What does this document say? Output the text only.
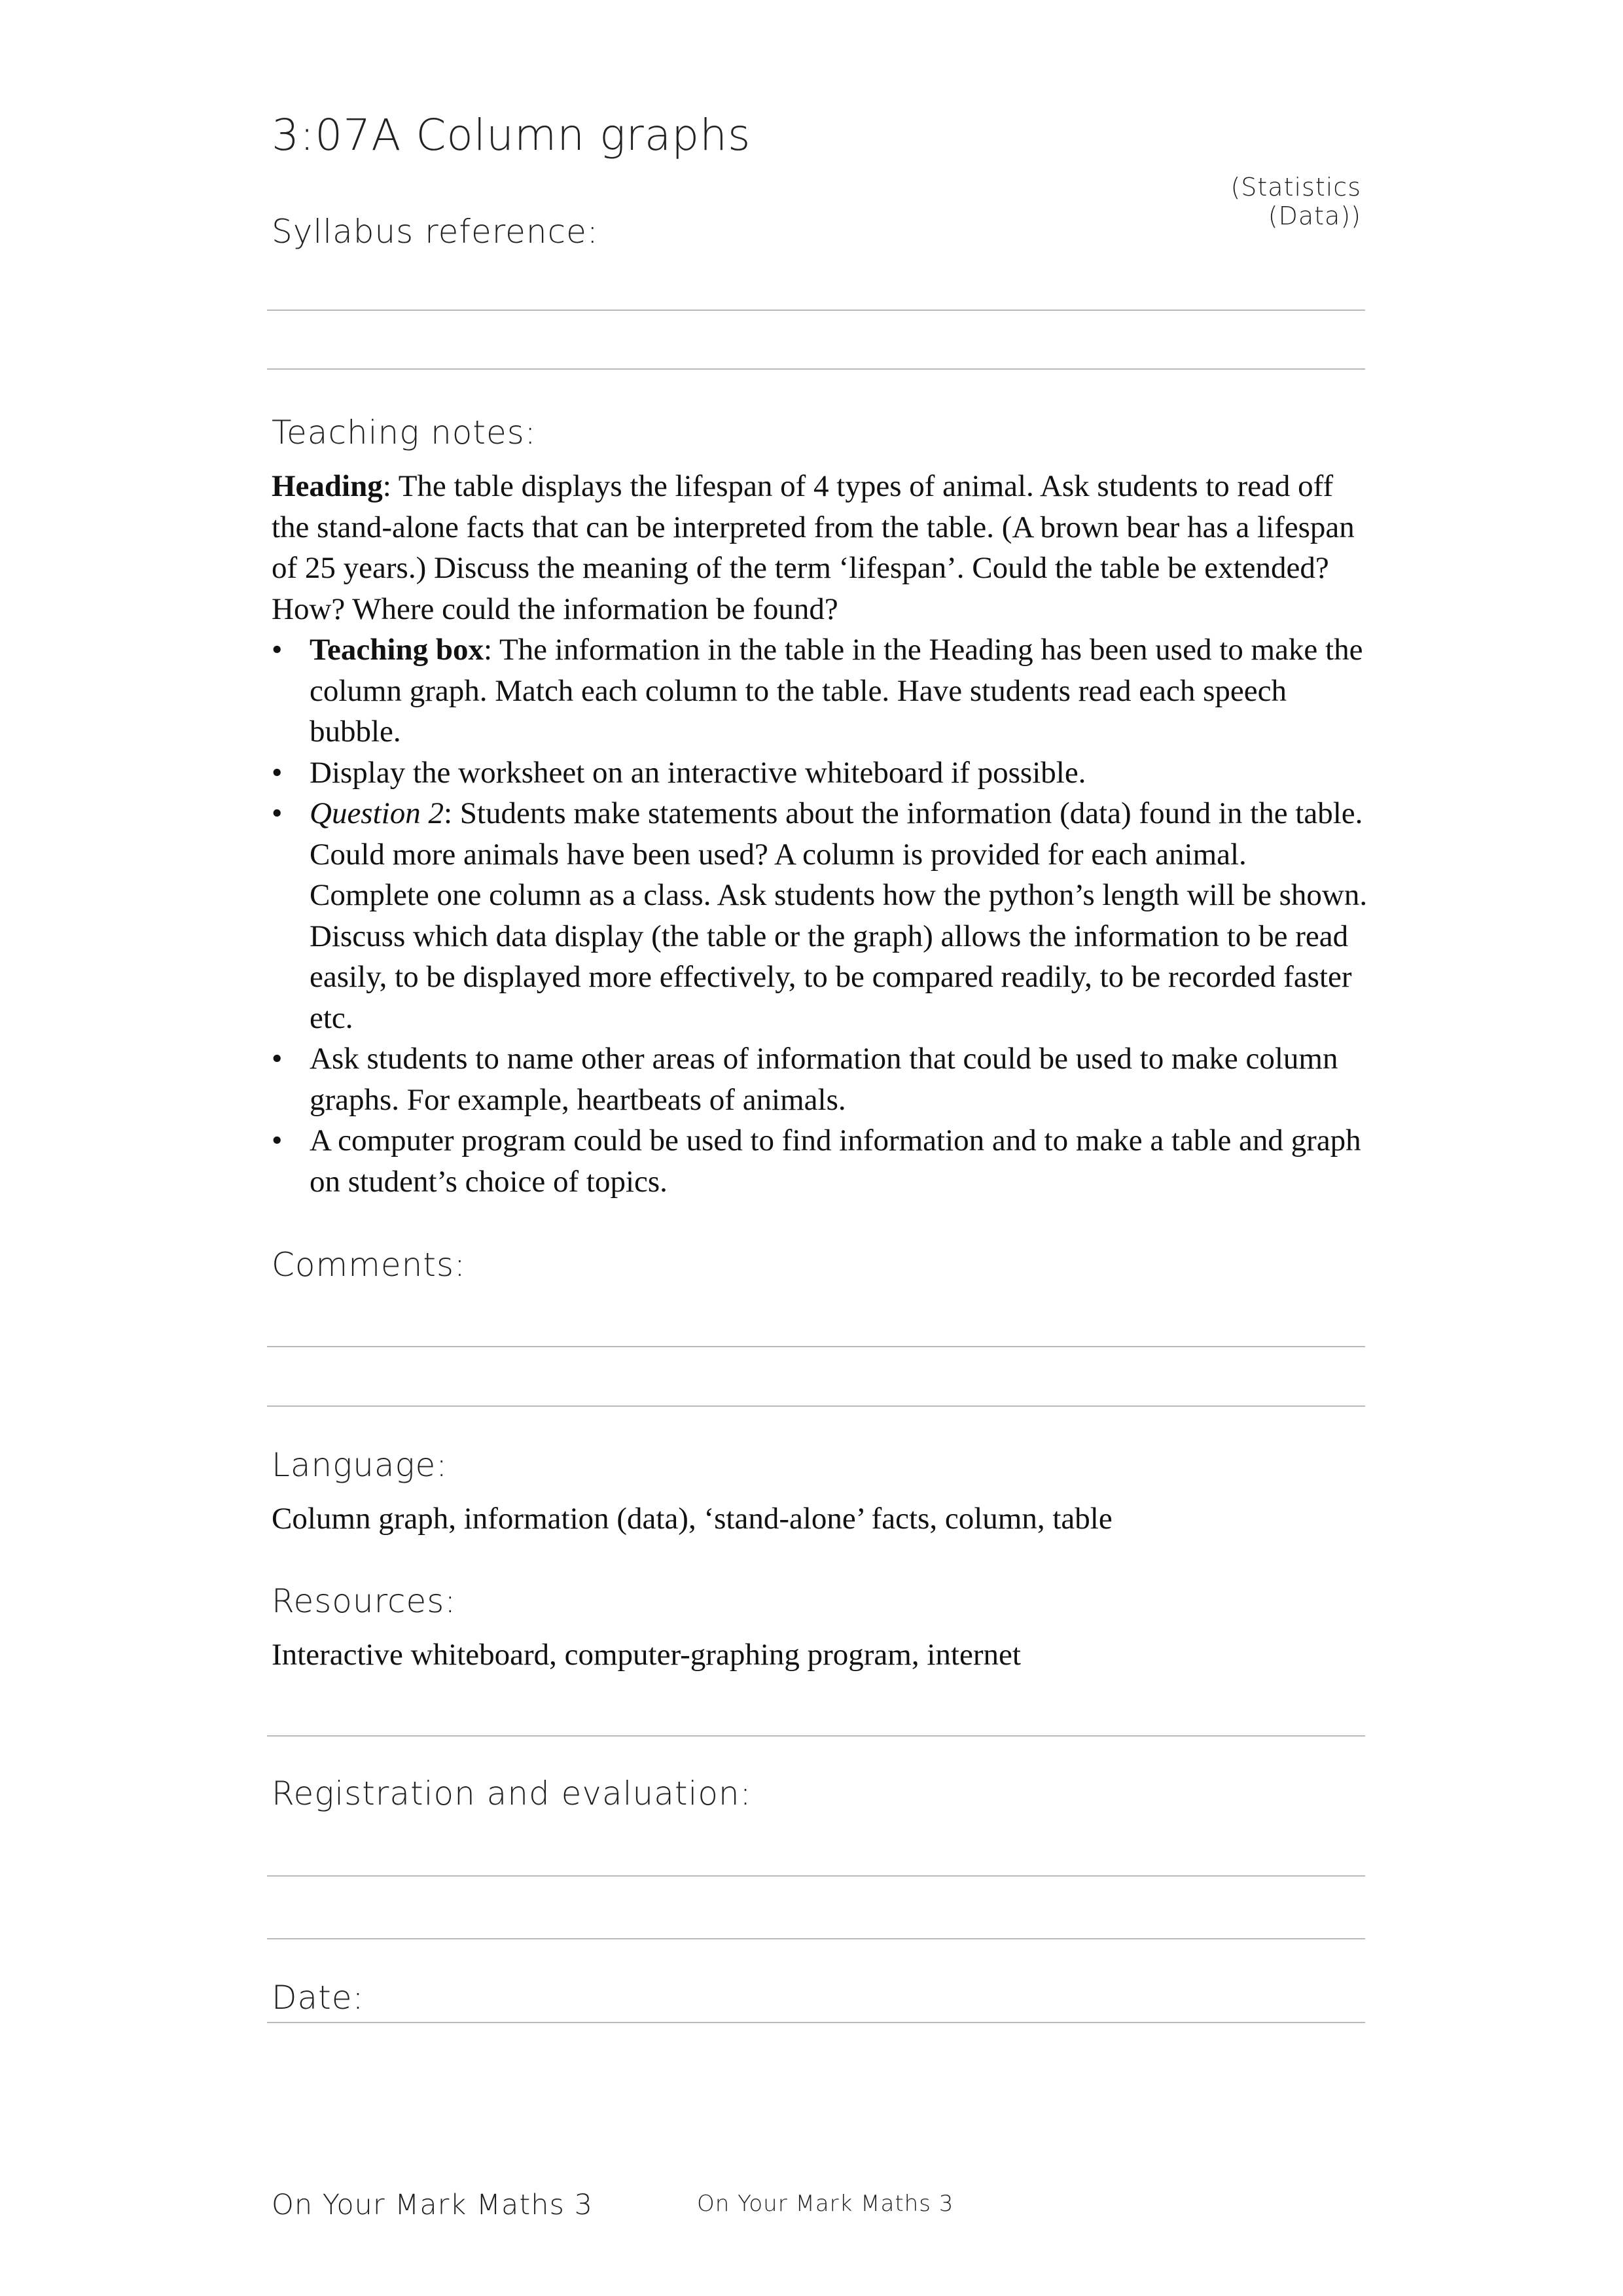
3:07A Column graphs
(Statistics (Data))
Syllabus reference:
Teaching notes:

Heading: The table displays the lifespan of 4 types of animal. Ask students to read off the stand-alone facts that can be interpreted from the table. (A brown bear has a lifespan of 25 years.) Discuss the meaning of the term ‘lifespan’. Could the table be extended? How? Where could the information be found?

• Teaching box: The information in the table in the Heading has been used to make the column graph. Match each column to the table. Have students read each speech bubble.
• Display the worksheet on an interactive whiteboard if possible.
• Question 2: Students make statements about the information (data) found in the table. Could more animals have been used? A column is provided for each animal. Complete one column as a class. Ask students how the python’s length will be shown. Discuss which data display (the table or the graph) allows the information to be read easily, to be displayed more effectively, to be compared readily, to be recorded faster etc.
• Ask students to name other areas of information that could be used to make column graphs. For example, heartbeats of animals.
• A computer program could be used to find information and to make a table and graph on student’s choice of topics.
Comments:
Language:
Column graph, information (data), ‘stand-alone’ facts, column, table
Resources:
Interactive whiteboard, computer-graphing program, internet
Registration and evaluation:
Date:
On Your Mark Maths 3	On Your Mark Maths 3
